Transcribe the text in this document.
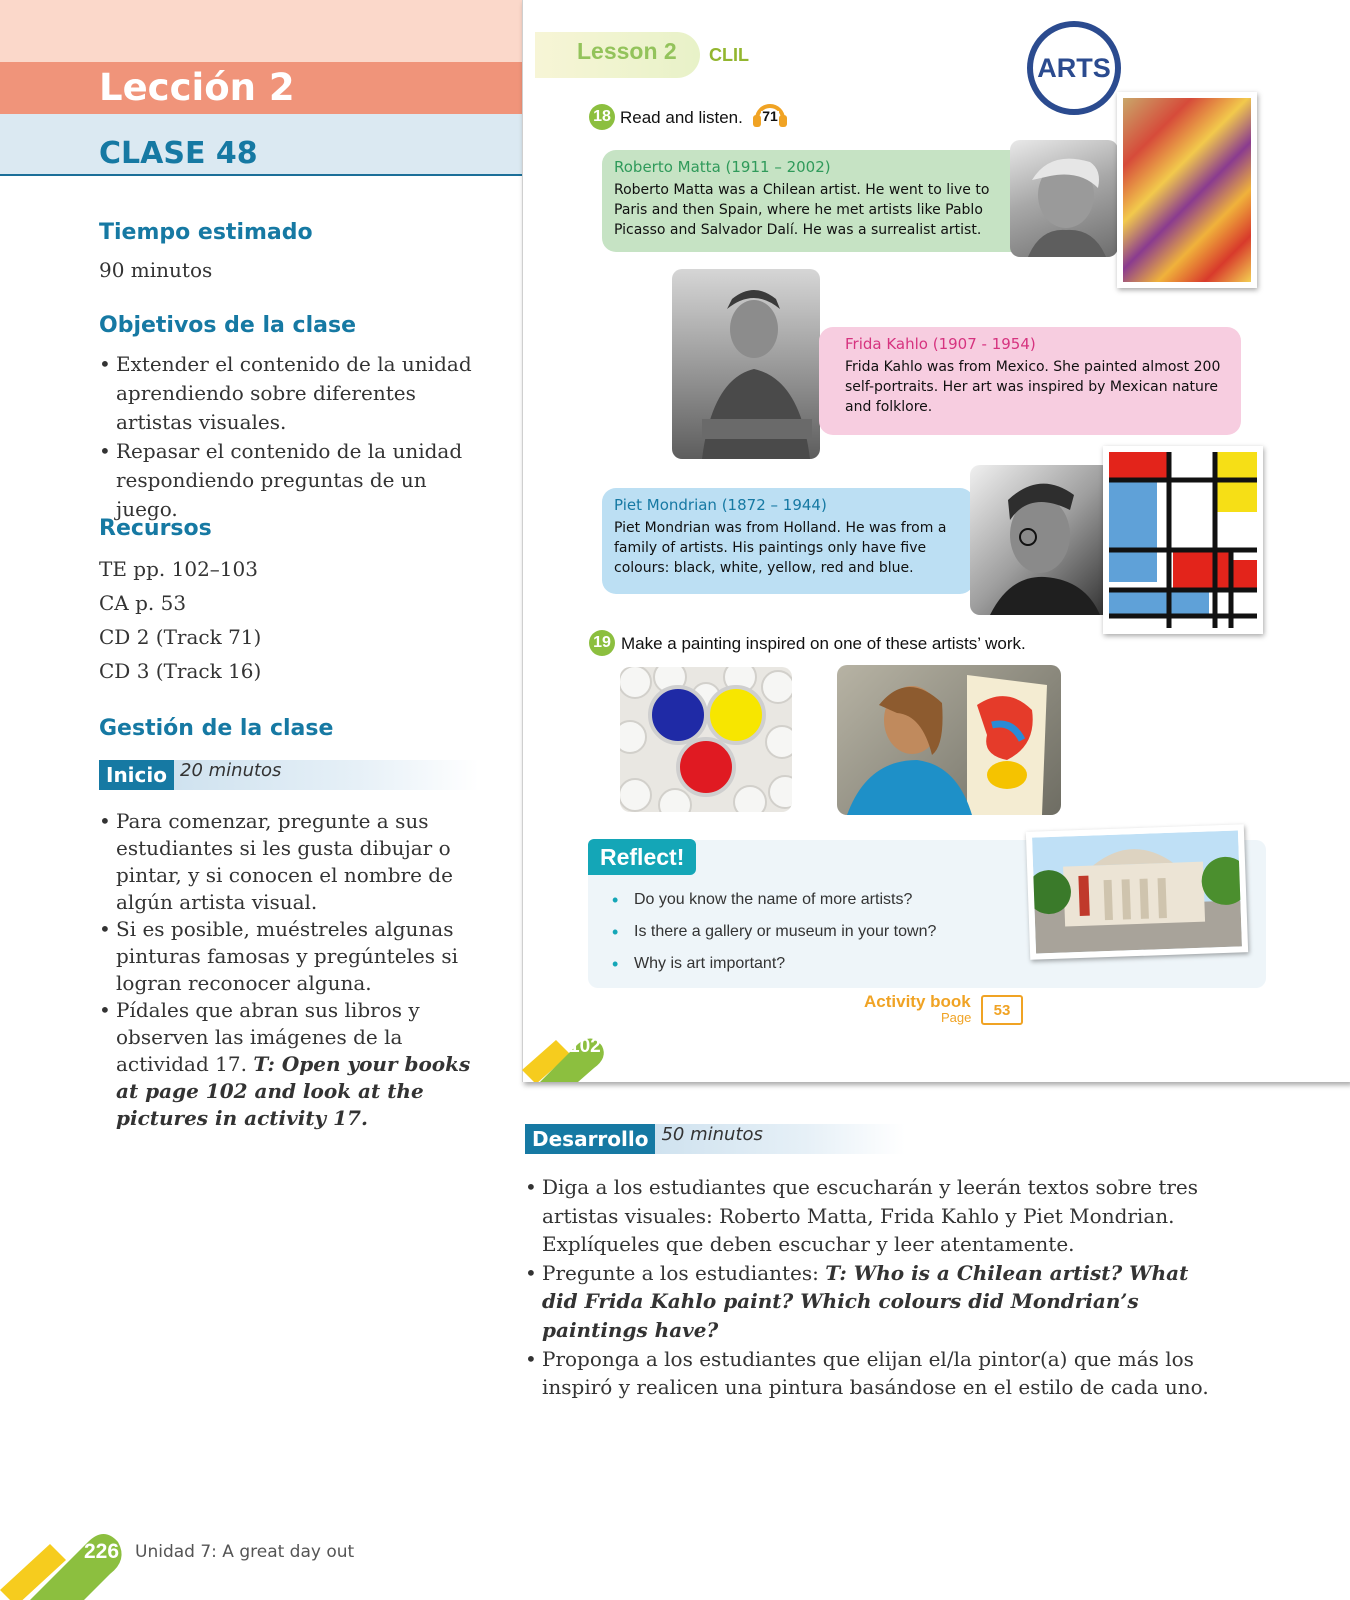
Lección 2
CLASE 48
Tiempo estimado
90 minutos
Objetivos de la clase
• Extender el contenido de la unidad aprendiendo sobre diferentes artistas visuales.
• Repasar el contenido de la unidad respondiendo preguntas de un juego.
Recursos
TE pp. 102–103
CA p. 53
CD 2 (Track 71)
CD 3 (Track 16)
Gestión de la clase
Inicio 20 minutos
• Para comenzar, pregunte a sus estudiantes si les gusta dibujar o pintar, y si conocen el nombre de algún artista visual.
• Si es posible, muéstreles algunas pinturas famosas y pregúnteles si logran reconocer alguna.
• Pídales que abran sus libros y observen las imágenes de la actividad 17. T: Open your books at page 102 and look at the pictures in activity 17.
Lesson 2 CLIL	ARTS
18 Read and listen.	71
Roberto Matta (1911 – 2002)
Roberto Matta was a Chilean artist. He went to live to Paris and then Spain, where he met artists like Pablo Picasso and Salvador Dalí. He was a surrealist artist.
Frida Kahlo (1907 - 1954)
Frida Kahlo was from Mexico. She painted almost 200 self-portraits. Her art was inspired by Mexican nature and folklore.
Piet Mondrian (1872 – 1944)
Piet Mondrian was from Holland. He was from a family of artists. His paintings only have five colours: black, white, yellow, red and blue.
19 Make a painting inspired on one of these artists’ work.
Reflect!
• Do you know the name of more artists?
• Is there a gallery or museum in your town?
• Why is art important?
Activity book
Page	53
102
Desarrollo 50 minutos
• Diga a los estudiantes que escucharán y leerán textos sobre tres artistas visuales: Roberto Matta, Frida Kahlo y Piet Mondrian. Explíqueles que deben escuchar y leer atentamente.
• Pregunte a los estudiantes: T: Who is a Chilean artist? What did Frida Kahlo paint? Which colours did Mondrian’s paintings have?
• Proponga a los estudiantes que elijan el/la pintor(a) que más los inspiró y realicen una pintura basándose en el estilo de cada uno.
226 Unidad 7: A great day out
